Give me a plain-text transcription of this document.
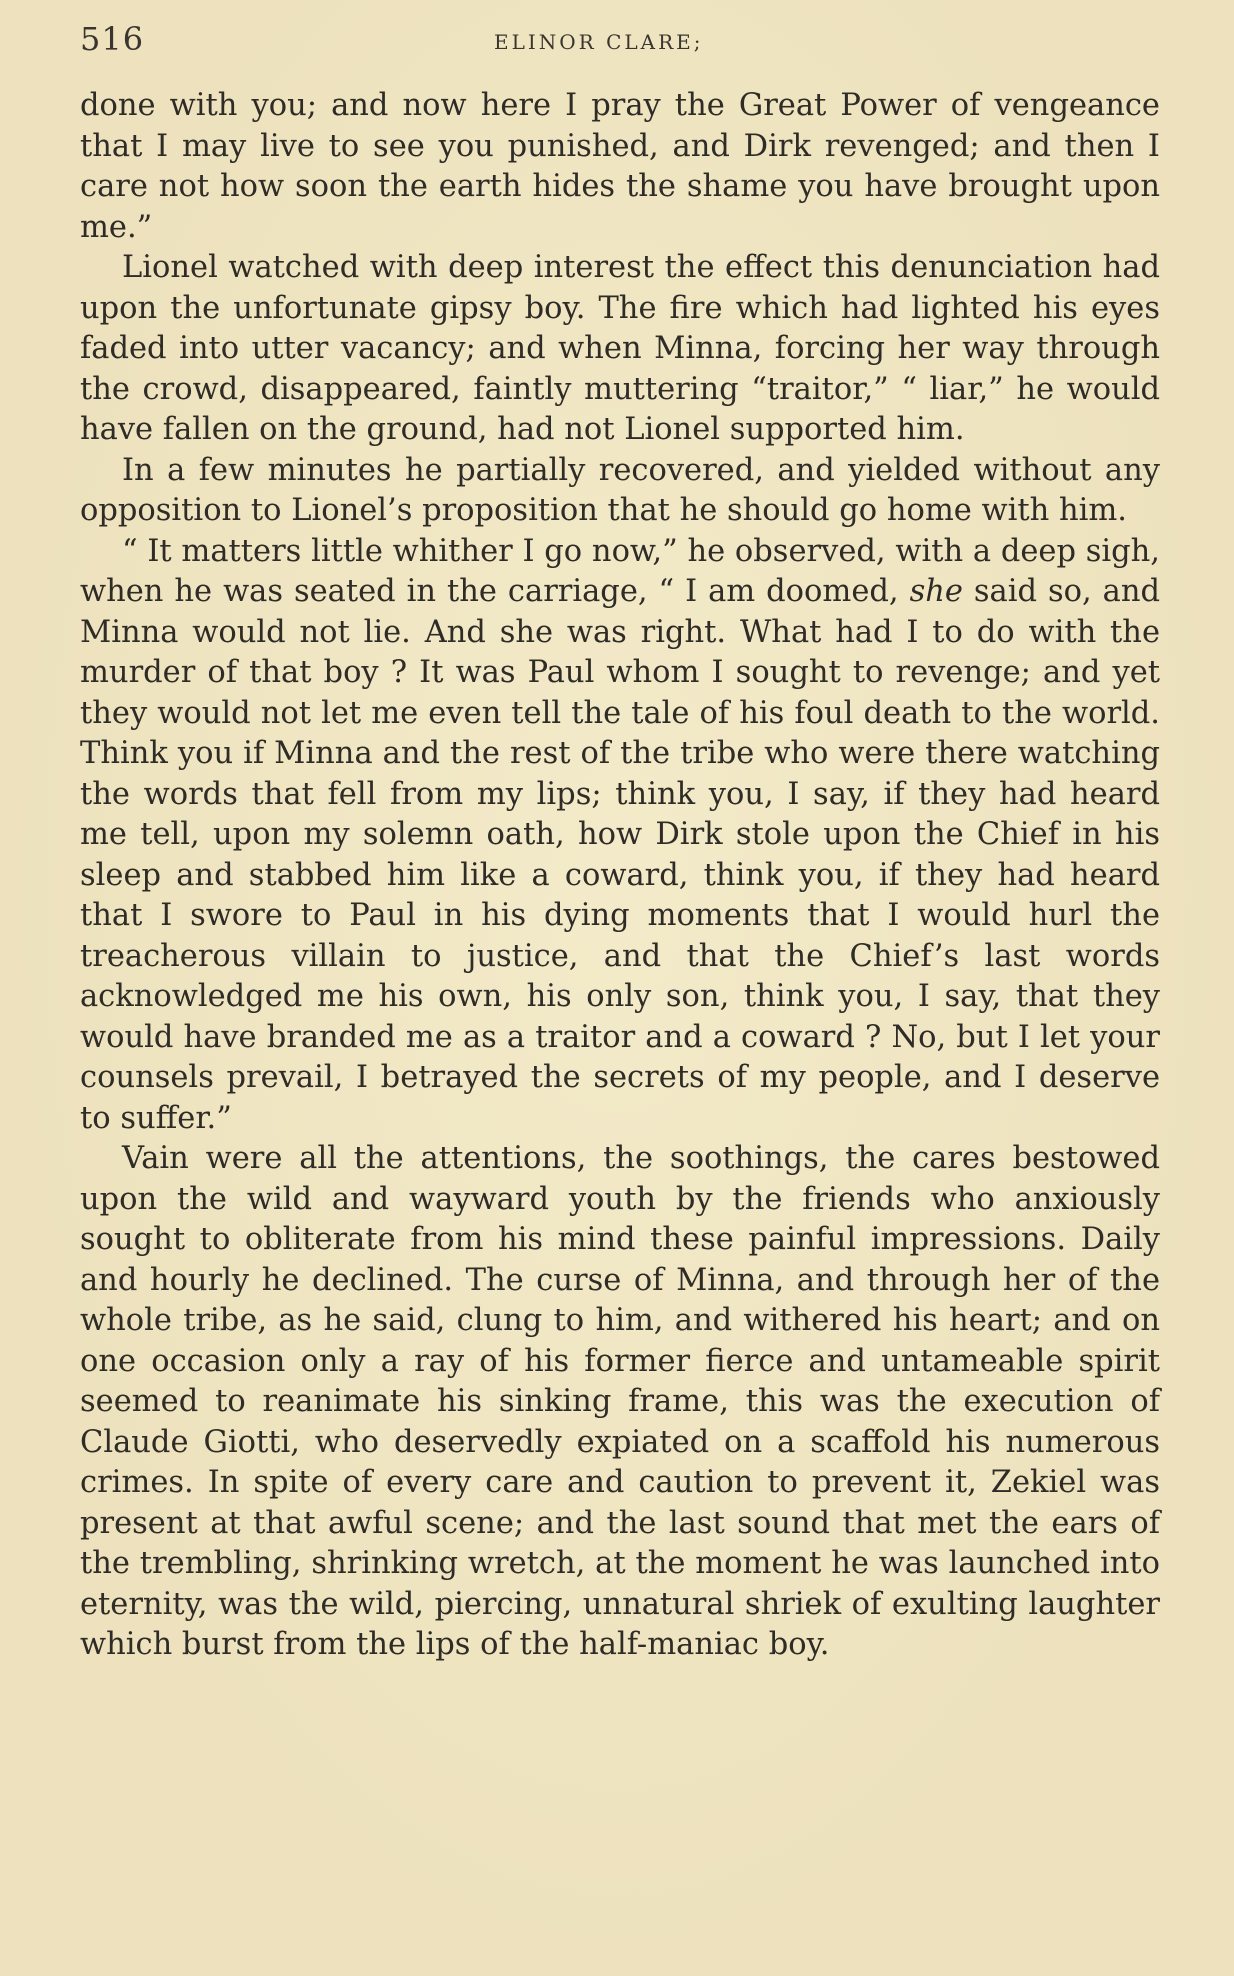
516	ELINOR CLARE;

done with you; and now here I pray the Great Power of vengeance that I may live to see you punished, and Dirk revenged; and then I care not how soon the earth hides the shame you have brought upon me.”

Lionel watched with deep interest the effect this denunciation had upon the unfortunate gipsy boy. The fire which had lighted his eyes faded into utter vacancy; and when Minna, forcing her way through the crowd, disappeared, faintly muttering “traitor,” “ liar,” he would have fallen on the ground, had not Lionel supported him.

In a few minutes he partially recovered, and yielded without any opposition to Lionel’s proposition that he should go home with him.

“ It matters little whither I go now,” he observed, with a deep sigh, when he was seated in the carriage, “ I am doomed, she said so, and Minna would not lie. And she was right. What had I to do with the murder of that boy ? It was Paul whom I sought to revenge; and yet they would not let me even tell the tale of his foul death to the world. Think you if Minna and the rest of the tribe who were there watching the words that fell from my lips; think you, I say, if they had heard me tell, upon my solemn oath, how Dirk stole upon the Chief in his sleep and stabbed him like a coward, think you, if they had heard that I swore to Paul in his dying moments that I would hurl the treacherous villain to justice, and that the Chief’s last words acknowledged me his own, his only son, think you, I say, that they would have branded me as a traitor and a coward ? No, but I let your counsels prevail, I betrayed the secrets of my people, and I deserve to suffer.”

Vain were all the attentions, the soothings, the cares bestowed upon the wild and wayward youth by the friends who anxiously sought to obliterate from his mind these painful impressions. Daily and hourly he declined. The curse of Minna, and through her of the whole tribe, as he said, clung to him, and withered his heart; and on one occasion only a ray of his former fierce and untameable spirit seemed to reanimate his sinking frame, this was the execution of Claude Giotti, who deservedly expiated on a scaffold his numerous crimes. In spite of every care and caution to prevent it, Zekiel was present at that awful scene; and the last sound that met the ears of the trembling, shrinking wretch, at the moment he was launched into eternity, was the wild, piercing, unnatural shriek of exulting laughter which burst from the lips of the half-maniac boy.
